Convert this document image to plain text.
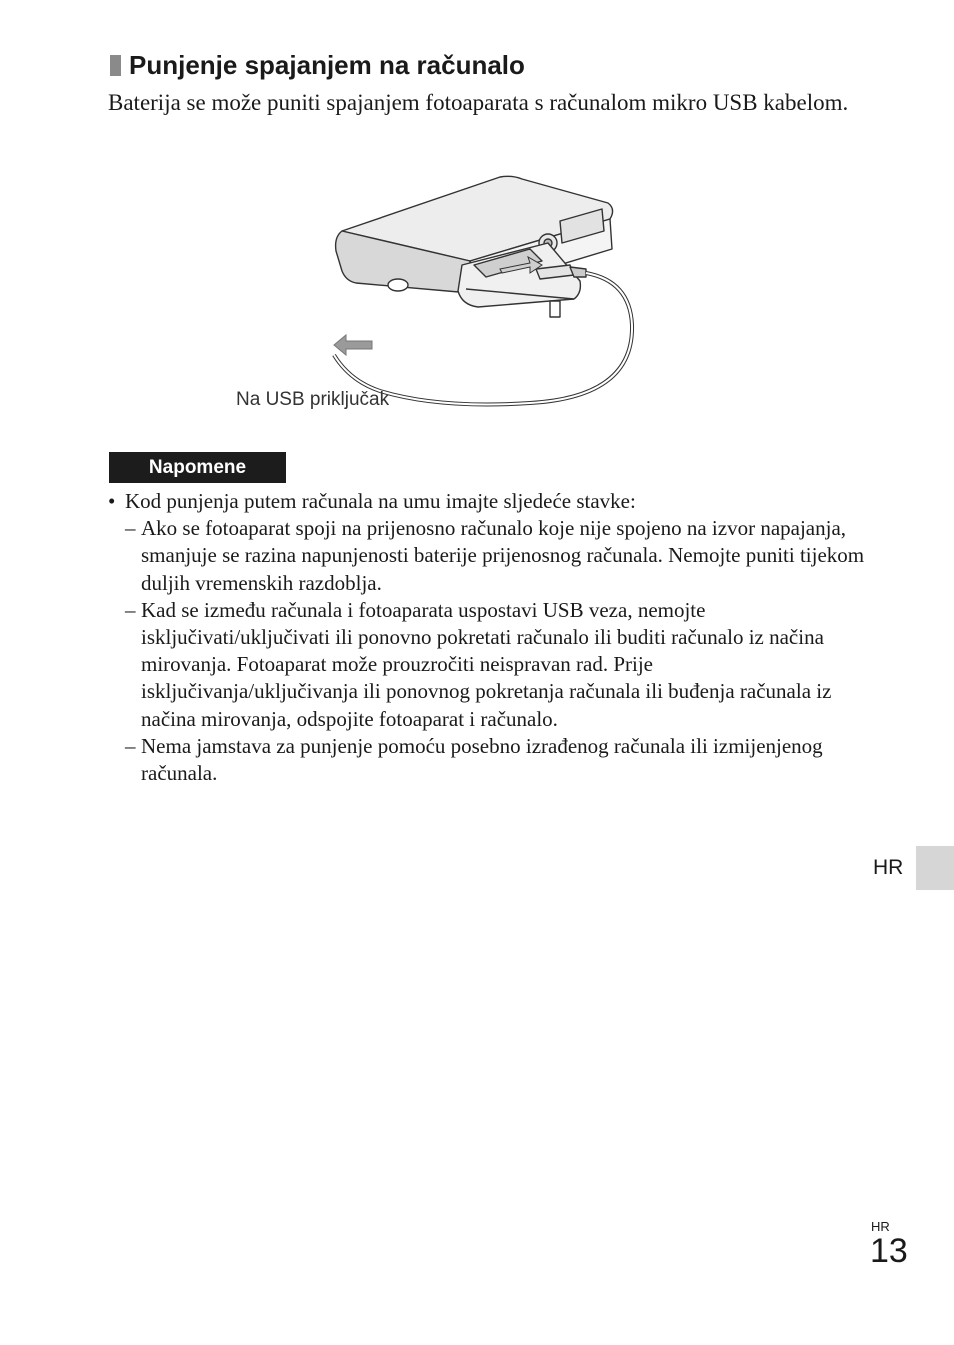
Punjenje spajanjem na računalo

Baterija se može puniti spajanjem fotoaparata s računalom mikro USB kabelom.

Na USB priključak
Napomene
• Kod punjenja putem računala na umu imajte sljedeće stavke:
– Ako se fotoaparat spoji na prijenosno računalo koje nije spojeno na izvor napajanja, smanjuje se razina napunjenosti baterije prijenosnog računala. Nemojte puniti tijekom duljih vremenskih razdoblja.
– Kad se između računala i fotoaparata uspostavi USB veza, nemojte isključivati/uključivati ili ponovno pokretati računalo ili buditi računalo iz načina mirovanja. Fotoaparat može prouzročiti neispravan rad. Prije isključivanja/uključivanja ili ponovnog pokretanja računala ili buđenja računala iz načina mirovanja, odspojite fotoaparat i računalo.
– Nema jamstava za punjenje pomoću posebno izrađenog računala ili izmijenjenog računala.
HR
HR
13
